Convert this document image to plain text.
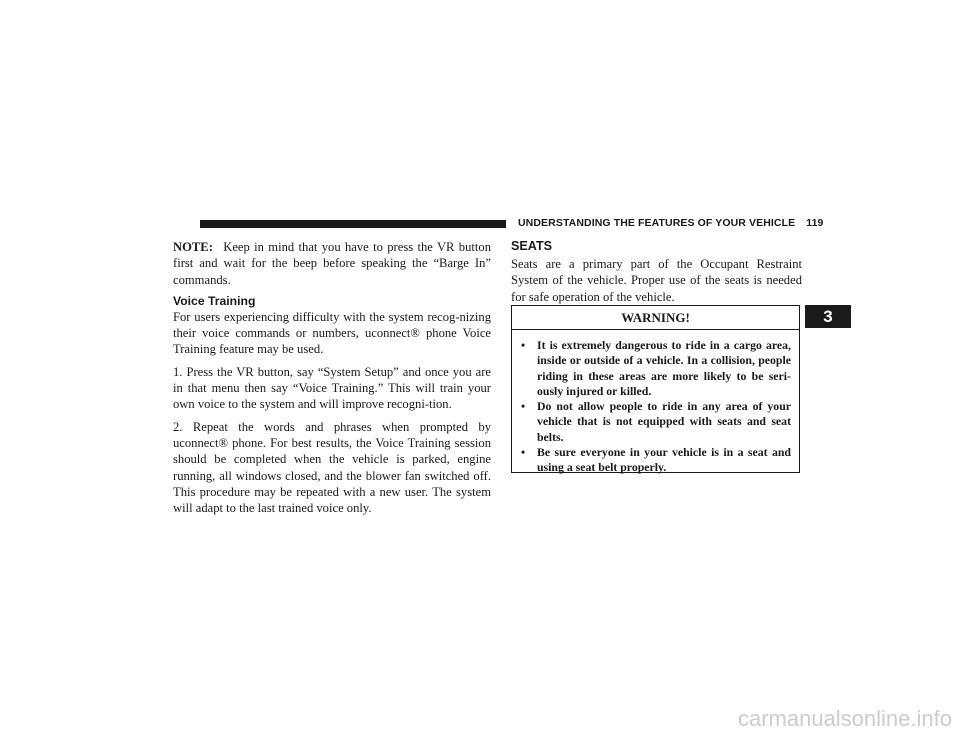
UNDERSTANDING THE FEATURES OF YOUR VEHICLE 119

NOTE: Keep in mind that you have to press the VR button first and wait for the beep before speaking the “Barge In” commands.

Voice Training

For users experiencing difficulty with the system recog-nizing their voice commands or numbers, uconnect® phone Voice Training feature may be used.

1. Press the VR button, say “System Setup” and once you are in that menu then say “Voice Training.” This will train your own voice to the system and will improve recogni-tion.

2. Repeat the words and phrases when prompted by uconnect® phone. For best results, the Voice Training session should be completed when the vehicle is parked, engine running, all windows closed, and the blower fan switched off. This procedure may be repeated with a new user. The system will adapt to the last trained voice only.

SEATS

Seats are a primary part of the Occupant Restraint System of the vehicle. Proper use of the seats is needed for safe operation of the vehicle.

WARNING!
• It is extremely dangerous to ride in a cargo area, inside or outside of a vehicle. In a collision, people riding in these areas are more likely to be seri-ously injured or killed.
• Do not allow people to ride in any area of your vehicle that is not equipped with seats and seat belts.
• Be sure everyone in your vehicle is in a seat and using a seat belt properly.
3
carmanualsonline.info
